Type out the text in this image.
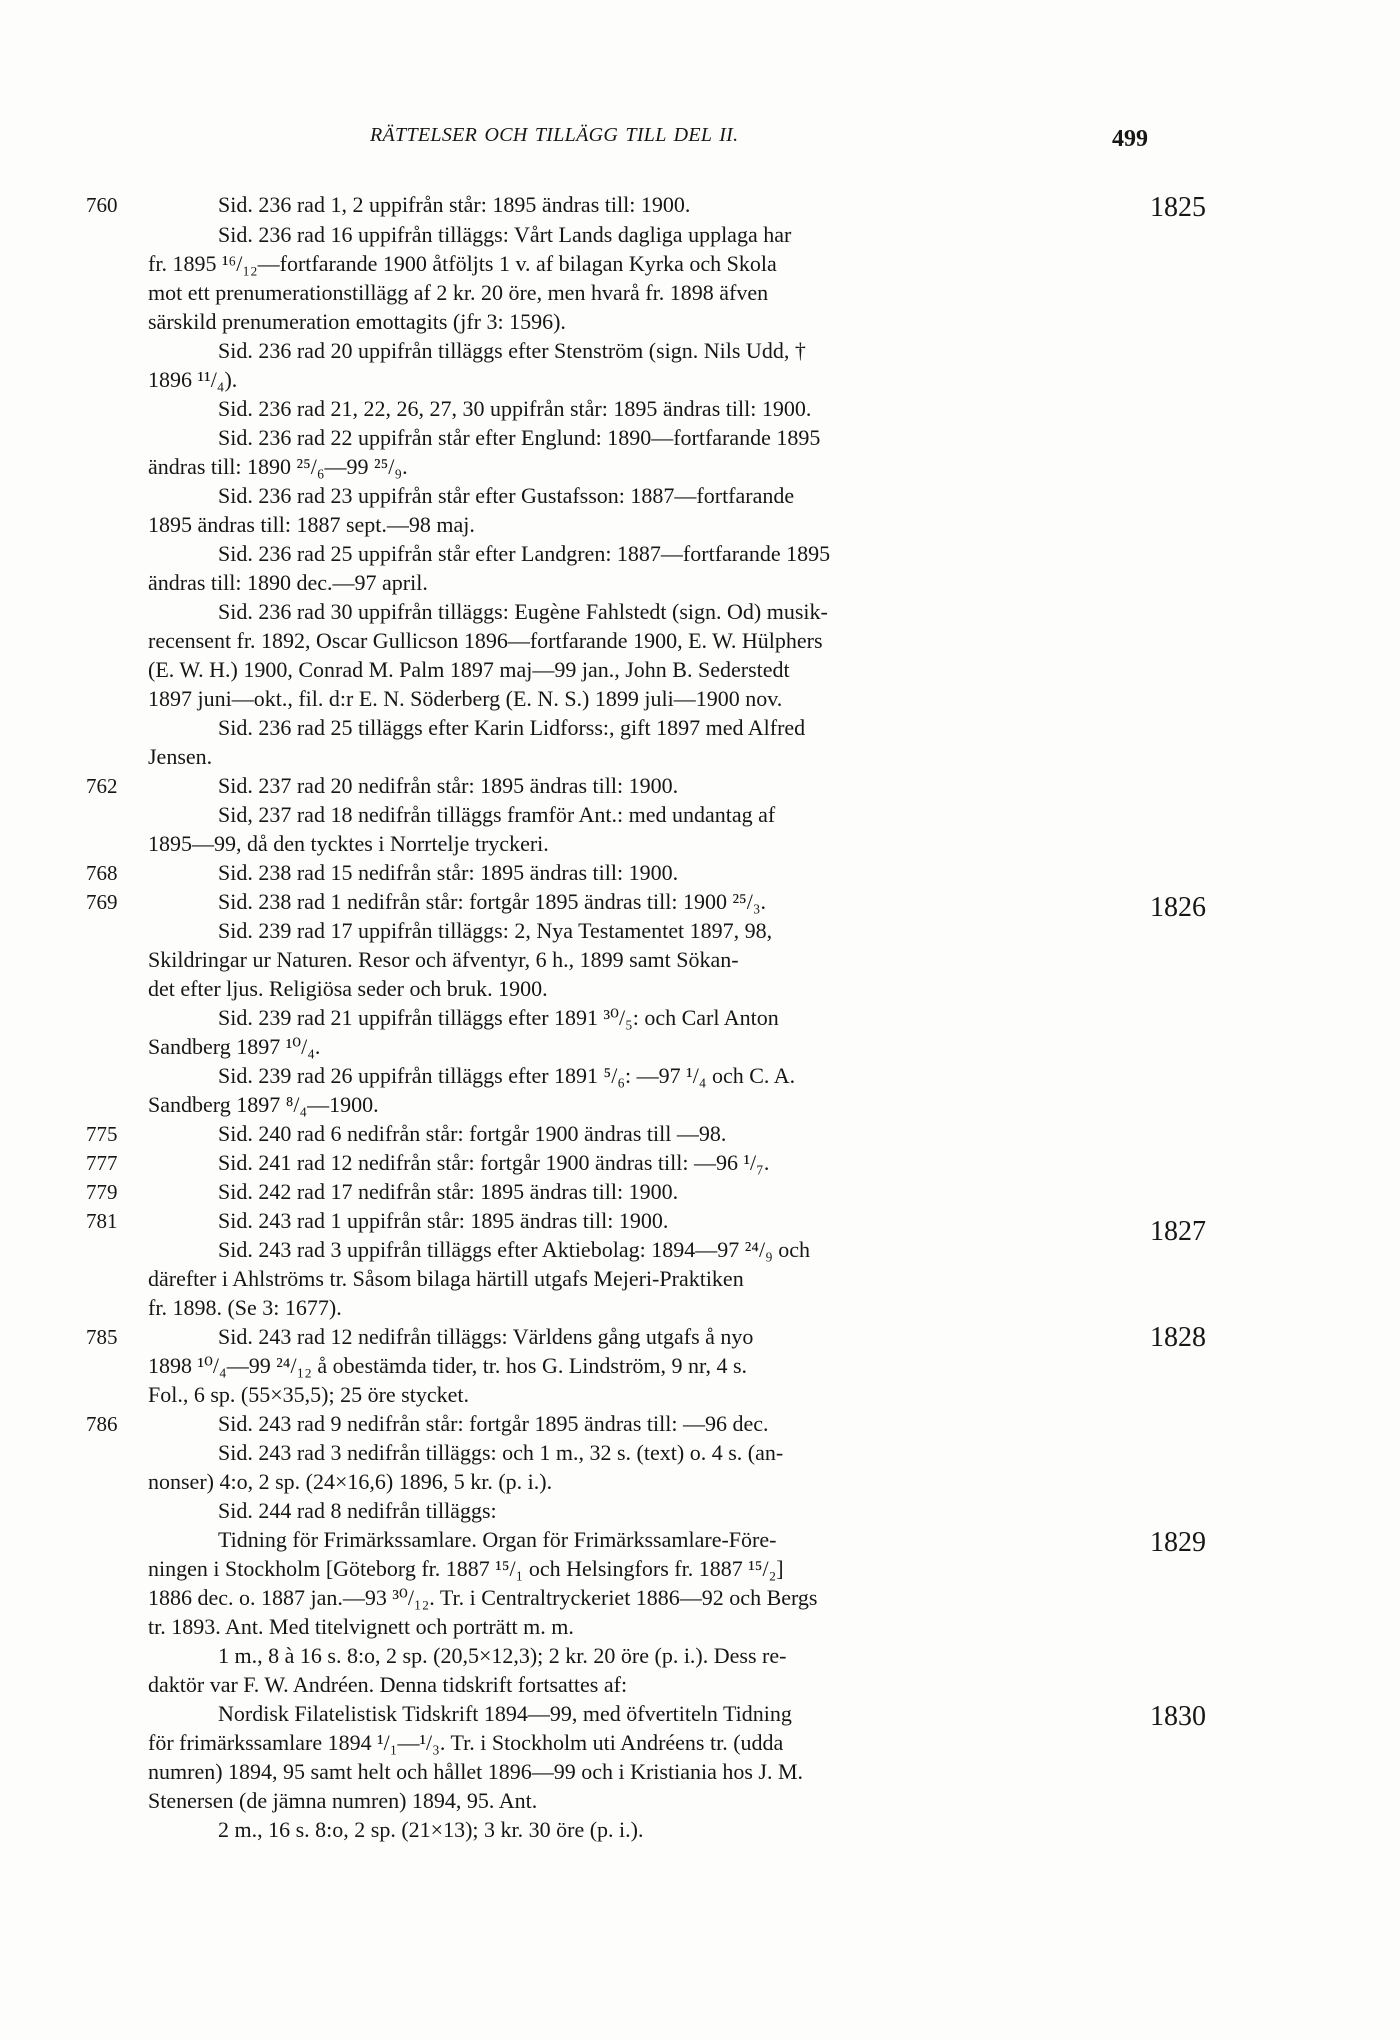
RÄTTELSER OCH TILLÄGG TILL DEL II.	499
Sid. 236 rad 1, 2 uppifrån står: 1895 ändras till: 1900.
Sid. 236 rad 16 uppifrån tilläggs: Vårt Lands dagliga upplaga har
fr. 1895 ¹⁶/₁₂—fortfarande 1900 åtföljts 1 v. af bilagan Kyrka och Skola
mot ett prenumerationstillägg af 2 kr. 20 öre, men hvarå fr. 1898 äfven
särskild prenumeration emottagits (jfr 3: 1596).
Sid. 236 rad 20 uppifrån tilläggs efter Stenström (sign. Nils Udd, †
1896 ¹¹/₄).
Sid. 236 rad 21, 22, 26, 27, 30 uppifrån står: 1895 ändras till: 1900.
Sid. 236 rad 22 uppifrån står efter Englund: 1890—fortfarande 1895
ändras till: 1890 ²⁵/₆—99 ²⁵/₉.
Sid. 236 rad 23 uppifrån står efter Gustafsson: 1887—fortfarande
1895 ändras till: 1887 sept.—98 maj.
Sid. 236 rad 25 uppifrån står efter Landgren: 1887—fortfarande 1895
ändras till: 1890 dec.—97 april.
Sid. 236 rad 30 uppifrån tilläggs: Eugène Fahlstedt (sign. Od) musik-
recensent fr. 1892, Oscar Gullicson 1896—fortfarande 1900, E. W. Hülphers
(E. W. H.) 1900, Conrad M. Palm 1897 maj—99 jan., John B. Sederstedt
1897 juni—okt., fil. d:r E. N. Söderberg (E. N. S.) 1899 juli—1900 nov.
Sid. 236 rad 25 tilläggs efter Karin Lidforss:, gift 1897 med Alfred
Jensen.
Sid. 237 rad 20 nedifrån står: 1895 ändras till: 1900.
Sid, 237 rad 18 nedifrån tilläggs framför Ant.: med undantag af
1895—99, då den tycktes i Norrtelje tryckeri.
Sid. 238 rad 15 nedifrån står: 1895 ändras till: 1900.
Sid. 238 rad 1 nedifrån står: fortgår 1895 ändras till: 1900 ²⁵/₃.
Sid. 239 rad 17 uppifrån tilläggs: 2, Nya Testamentet 1897, 98,
Skildringar ur Naturen. Resor och äfventyr, 6 h., 1899 samt Sökan-
det efter ljus. Religiösa seder och bruk. 1900.
Sid. 239 rad 21 uppifrån tilläggs efter 1891 ³⁰/₅: och Carl Anton
Sandberg 1897 ¹⁰/₄.
Sid. 239 rad 26 uppifrån tilläggs efter 1891 ⁵/₆: —97 ¹/₄ och C. A.
Sandberg 1897 ⁸/₄—1900.
Sid. 240 rad 6 nedifrån står: fortgår 1900 ändras till —98.
Sid. 241 rad 12 nedifrån står: fortgår 1900 ändras till: —96 ¹/₇.
Sid. 242 rad 17 nedifrån står: 1895 ändras till: 1900.
Sid. 243 rad 1 uppifrån står: 1895 ändras till: 1900.
Sid. 243 rad 3 uppifrån tilläggs efter Aktiebolag: 1894—97 ²⁴/₉ och
därefter i Ahlströms tr. Såsom bilaga härtill utgafs Mejeri-Praktiken
fr. 1898. (Se 3: 1677).
Sid. 243 rad 12 nedifrån tilläggs: Världens gång utgafs å nyo
1898 ¹⁰/₄—99 ²⁴/₁₂ å obestämda tider, tr. hos G. Lindström, 9 nr, 4 s.
Fol., 6 sp. (55×35,5); 25 öre stycket.
Sid. 243 rad 9 nedifrån står: fortgår 1895 ändras till: —96 dec.
Sid. 243 rad 3 nedifrån tilläggs: och 1 m., 32 s. (text) o. 4 s. (an-
nonser) 4:o, 2 sp. (24×16,6) 1896, 5 kr. (p. i.).
Sid. 244 rad 8 nedifrån tilläggs:
Tidning för Frimärkssamlare. Organ för Frimärkssamlare-Före-
ningen i Stockholm [Göteborg fr. 1887 ¹⁵/₁ och Helsingfors fr. 1887 ¹⁵/₂]
1886 dec. o. 1887 jan.—93 ³⁰/₁₂. Tr. i Centraltryckeriet 1886—92 och Bergs
tr. 1893. Ant. Med titelvignett och porträtt m. m.
1 m., 8 à 16 s. 8:o, 2 sp. (20,5×12,3); 2 kr. 20 öre (p. i.). Dess re-
daktör var F. W. Andréen. Denna tidskrift fortsattes af:
Nordisk Filatelistisk Tidskrift 1894—99, med öfvertiteln Tidning
för frimärkssamlare 1894 ¹/₁—¹/₃. Tr. i Stockholm uti Andréens tr. (udda
numren) 1894, 95 samt helt och hållet 1896—99 och i Kristiania hos J. M.
Stenersen (de jämna numren) 1894, 95. Ant.
2 m., 16 s. 8:o, 2 sp. (21×13); 3 kr. 30 öre (p. i.).
760
762
768
769
775
777
779
781
785
786
1825
1826
1827
1828
1829
1830
